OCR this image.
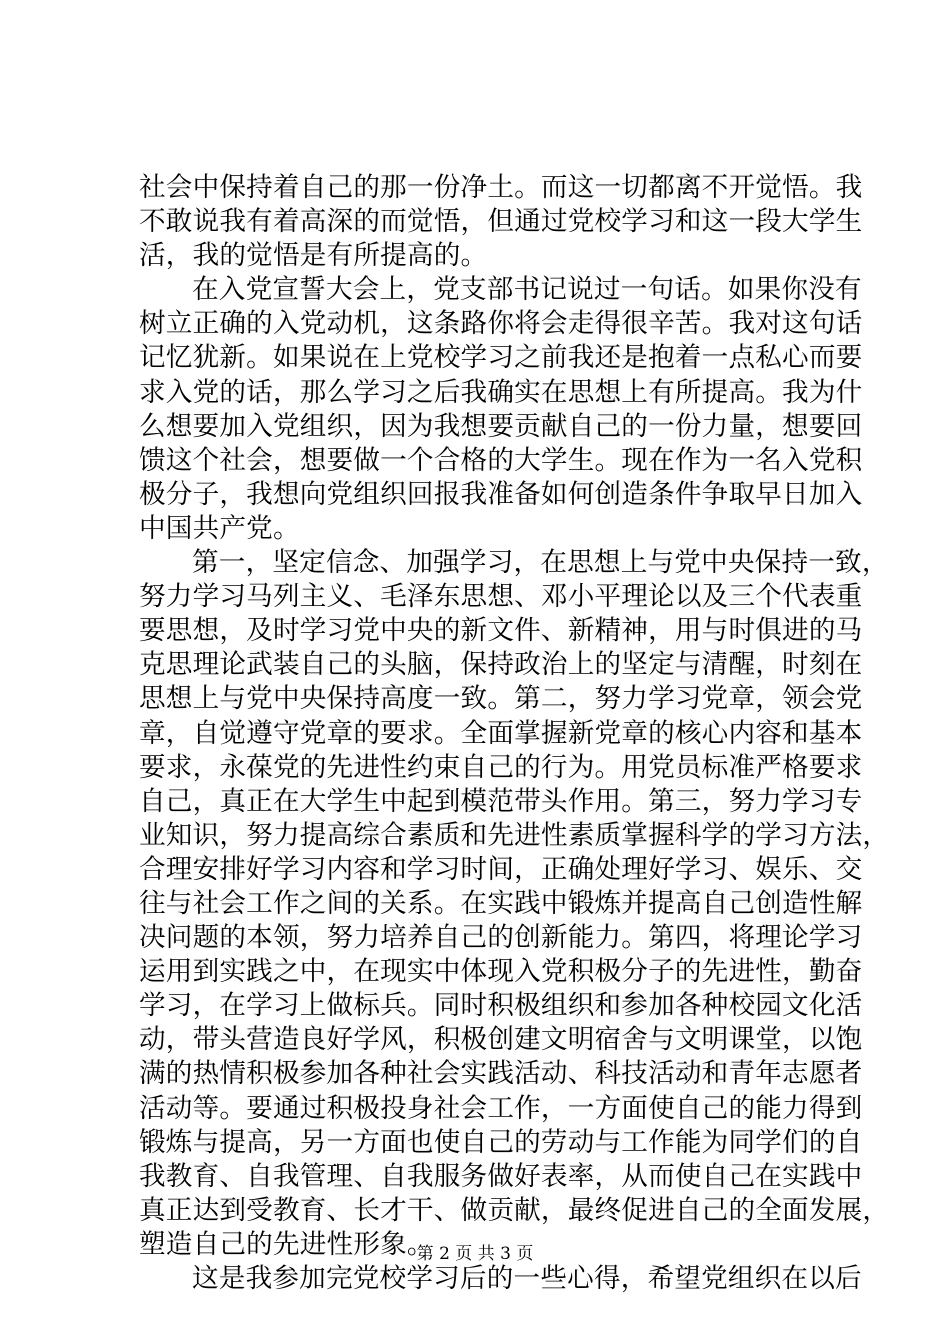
社会中保持着自己的那一份净土。而这一切都离不开觉悟。我
不敢说我有着高深的而觉悟，但通过党校学习和这一段大学生
活，我的觉悟是有所提高的。
在入党宣誓大会上，党支部书记说过一句话。如果你没有
树立正确的入党动机，这条路你将会走得很辛苦。我对这句话
记忆犹新。如果说在上党校学习之前我还是抱着一点私心而要
求入党的话，那么学习之后我确实在思想上有所提高。我为什
么想要加入党组织，因为我想要贡献自己的一份力量，想要回
馈这个社会，想要做一个合格的大学生。现在作为一名入党积
极分子，我想向党组织回报我准备如何创造条件争取早日加入
中国共产党。
第一，坚定信念、加强学习，在思想上与党中央保持一致，
努力学习马列主义、毛泽东思想、邓小平理论以及三个代表重
要思想，及时学习党中央的新文件、新精神，用与时俱进的马
克思理论武装自己的头脑，保持政治上的坚定与清醒，时刻在
思想上与党中央保持高度一致。第二，努力学习党章，领会党
章，自觉遵守党章的要求。全面掌握新党章的核心内容和基本
要求，永葆党的先进性约束自己的行为。用党员标准严格要求
自己，真正在大学生中起到模范带头作用。第三，努力学习专
业知识，努力提高综合素质和先进性素质掌握科学的学习方法，
合理安排好学习内容和学习时间，正确处理好学习、娱乐、交
往与社会工作之间的关系。在实践中锻炼并提高自己创造性解
决问题的本领，努力培养自己的创新能力。第四，将理论学习
运用到实践之中，在现实中体现入党积极分子的先进性，勤奋
学习，在学习上做标兵。同时积极组织和参加各种校园文化活
动，带头营造良好学风，积极创建文明宿舍与文明课堂，以饱
满的热情积极参加各种社会实践活动、科技活动和青年志愿者
活动等。要通过积极投身社会工作，一方面使自己的能力得到
锻炼与提高，另一方面也使自己的劳动与工作能为同学们的自
我教育、自我管理、自我服务做好表率，从而使自己在实践中
真正达到受教育、长才干、做贡献，最终促进自己的全面发展，
塑造自己的先进性形象。
这是我参加完党校学习后的一些心得，希望党组织在以后
第 2 页 共 3 页
